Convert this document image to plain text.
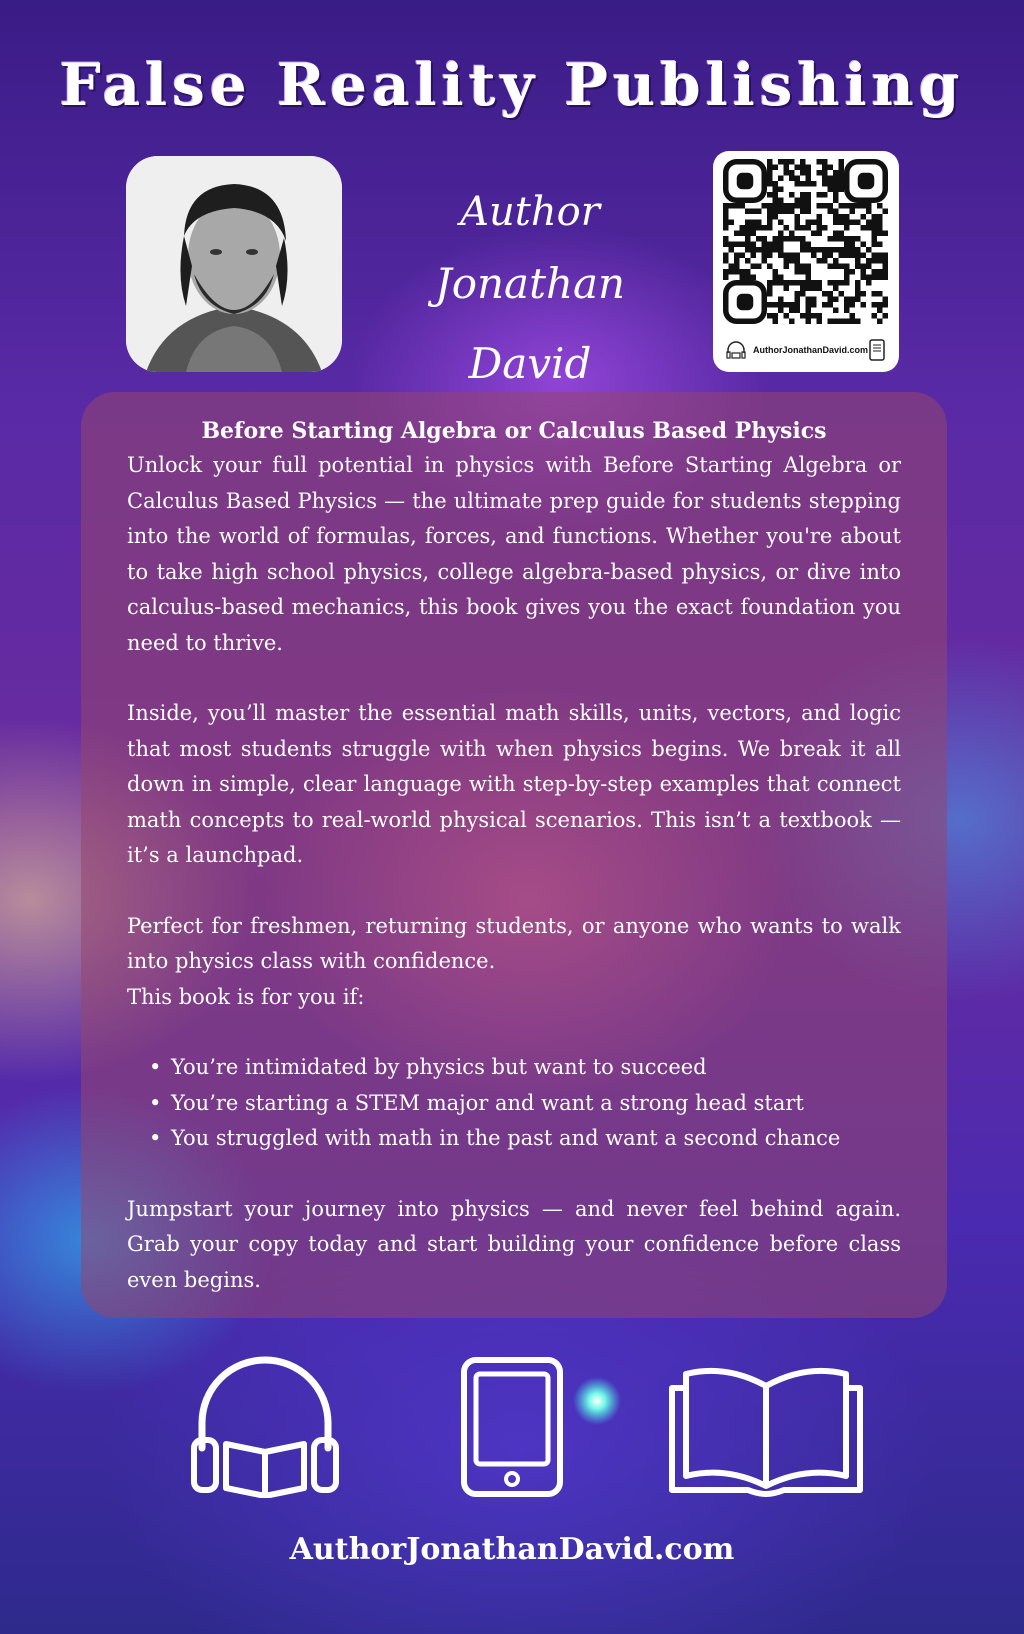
False Reality Publishing
Author
Jonathan David	AuthorJonathanDavid.com
Before Starting Algebra or Calculus Based Physics

Unlock your full potential in physics with Before Starting Algebra or Calculus Based Physics — the ultimate prep guide for students stepping into the world of formulas, forces, and functions. Whether you're about to take high school physics, college algebra-based physics, or dive into calculus-based mechanics, this book gives you the exact foundation you need to thrive.

Inside, you’ll master the essential math skills, units, vectors, and logic that most students struggle with when physics begins. We break it all down in simple, clear language with step-by-step examples that connect math concepts to real-world physical scenarios. This isn’t a textbook — it’s a launchpad.

Perfect for freshmen, returning students, or anyone who wants to walk into physics class with confidence.

This book is for you if:

• You’re intimidated by physics but want to succeed
• You’re starting a STEM major and want a strong head start
• You struggled with math in the past and want a second chance

Jumpstart your journey into physics — and never feel behind again. Grab your copy today and start building your confidence before class even begins.

AuthorJonathanDavid.com
